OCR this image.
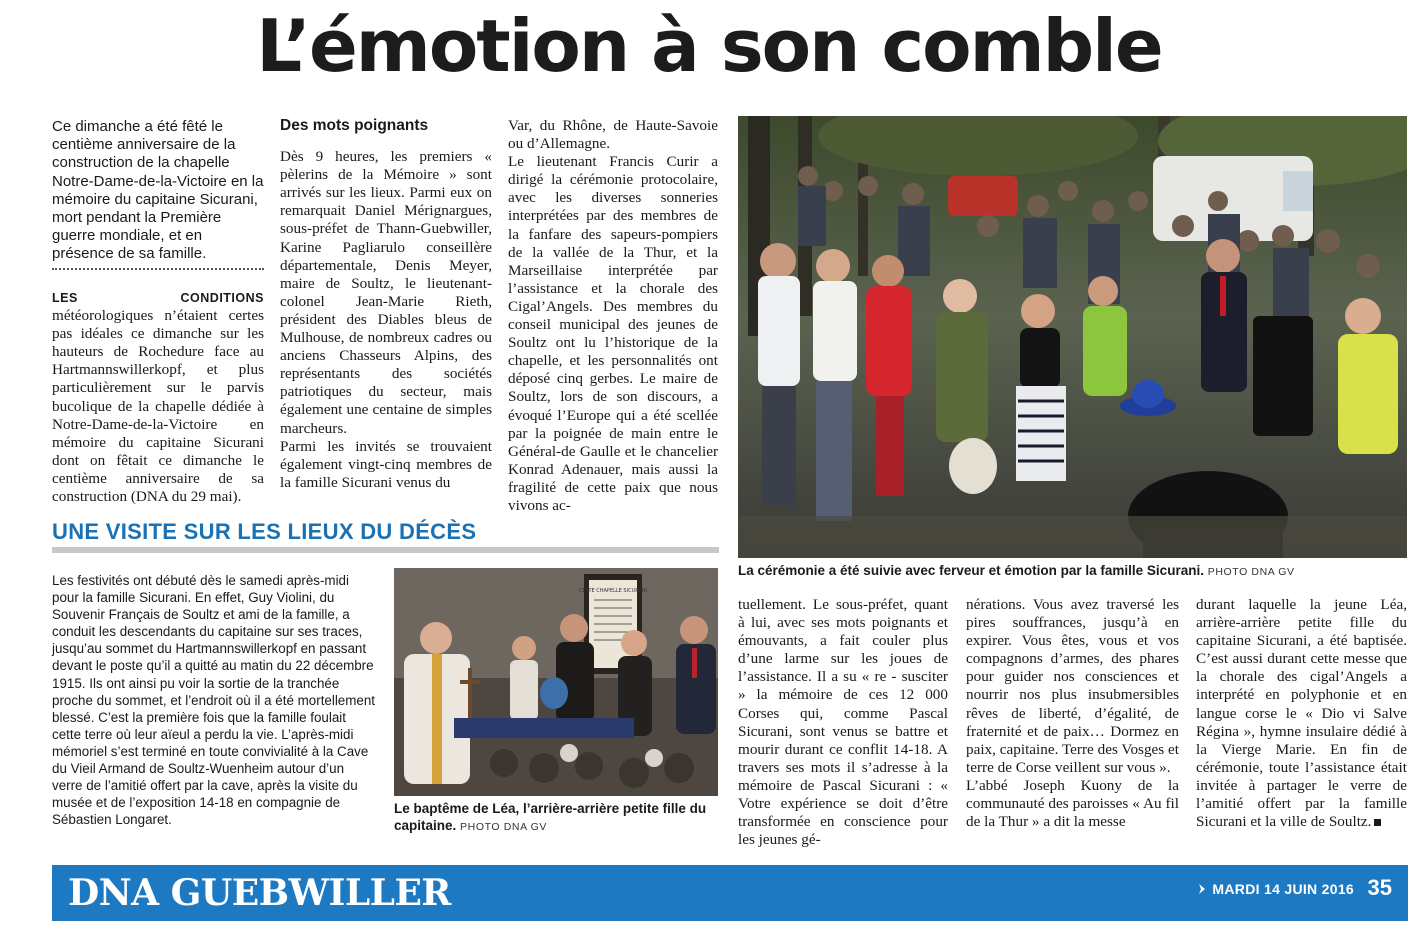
L’émotion à son comble
Ce dimanche a été fêté le centième anniversaire de la construction de la chapelle Notre-Dame-de-la-Victoire en la mémoire du capitaine Sicurani, mort pendant la Première guerre mondiale, et en présence de sa famille.

LES CONDITIONS météorologiques n’étaient certes pas idéales ce dimanche sur les hauteurs de Rochedure face au Hartmannswillerkopf, et plus particulièrement sur le parvis bucolique de la chapelle dédiée à Notre-Dame-de-la-Victoire en mémoire du capitaine Sicurani dont on fêtait ce dimanche le centième anniversaire de sa construction (DNA du 29 mai).

Des mots poignants

Dès 9 heures, les premiers « pèlerins de la Mémoire » sont arrivés sur les lieux. Parmi eux on remarquait Daniel Mérignargues, sous-préfet de Thann-Guebwiller, Karine Pagliarulo conseillère départementale, Denis Meyer, maire de Soultz, le lieutenant-colonel Jean-Marie Rieth, président des Diables bleus de Mulhouse, de nombreux cadres ou anciens Chasseurs Alpins, des représentants des sociétés patriotiques du secteur, mais également une centaine de simples marcheurs.

Parmi les invités se trouvaient également vingt-cinq membres de la famille Sicurani venus du

Var, du Rhône, de Haute-Savoie ou d’Allemagne.

Le lieutenant Francis Curir a dirigé la cérémonie protocolaire, avec les diverses sonneries interprétées par des membres de la fanfare des sapeurs-pompiers de la vallée de la Thur, et la Marseillaise interprétée par l’assistance et la chorale des Cigal’Angels. Des membres du conseil municipal des jeunes de Soultz ont lu l’historique de la chapelle, et les personnalités ont déposé cinq gerbes. Le maire de Soultz, lors de son discours, a évoqué l’Europe qui a été scellée par la poignée de main entre le Général-de Gaulle et le chancelier Konrad Adenauer, mais aussi la fragilité de cette paix que nous vivons ac-

La cérémonie a été suivie avec ferveur et émotion par la famille Sicurani. PHOTO DNA GV
UNE VISITE SUR LES LIEUX DU DÉCÈS
Les festivités ont débuté dès le samedi après-midi pour la famille Sicurani. En effet, Guy Violini, du Souvenir Français de Soultz et ami de la famille, a conduit les descendants du capitaine sur ses traces, jusqu’au sommet du Hartmannswillerkopf en passant devant le poste qu’il a quitté au matin du 22 décembre 1915. Ils ont ainsi pu voir la sortie de la tranchée proche du sommet, et l’endroit où il a été mortellement blessé. C’est la première fois que la famille foulait cette terre où leur aïeul a perdu la vie. L’après-midi mémoriel s’est terminé en toute convivialité à la Cave du Vieil Armand de Soultz-Wuenheim autour d’un verre de l’amitié offert par la cave, après la visite du musée et de l’exposition 14-18 en compagnie de Sébastien Longaret.
CETTE CHAPELLE SICURANI
Le baptême de Léa, l’arrière-arrière petite fille du capitaine. PHOTO DNA GV

tuellement. Le sous-préfet, quant à lui, avec ses mots poignants et émouvants, a fait couler plus d’une larme sur les joues de l’assistance. Il a su « re - susciter » la mémoire de ces 12 000 Corses qui, comme Pascal Sicurani, sont venus se battre et mourir durant ce conflit 14-18. A travers ses mots il s’adresse à la mémoire de Pascal Sicurani : « Votre expérience se doit d’être transformée en conscience pour les jeunes gé-

nérations. Vous avez traversé les pires souffrances, jusqu’à en expirer. Vous êtes, vous et vos compagnons d’armes, des phares pour guider nos consciences et nourrir nos plus insubmersibles rêves de liberté, d’égalité, de fraternité et de paix… Dormez en paix, capitaine. Terre des Vosges et terre de Corse veillent sur vous ».

L’abbé Joseph Kuony de la communauté des paroisses « Au fil de la Thur » a dit la messe

durant laquelle la jeune Léa, arrière-arrière petite fille du capitaine Sicurani, a été baptisée. C’est aussi durant cette messe que la chorale des cigal’Angels a interprété en polyphonie et en langue corse le « Dio vi Salve Régina », hymne insulaire dédié à la Vierge Marie. En fin de cérémonie, toute l’assistance était invitée à partager le verre de l’amitié offert par la famille Sicurani et la ville de Soultz.

DNA GUEBWILLER	MARDI 14 JUIN 2016 35
